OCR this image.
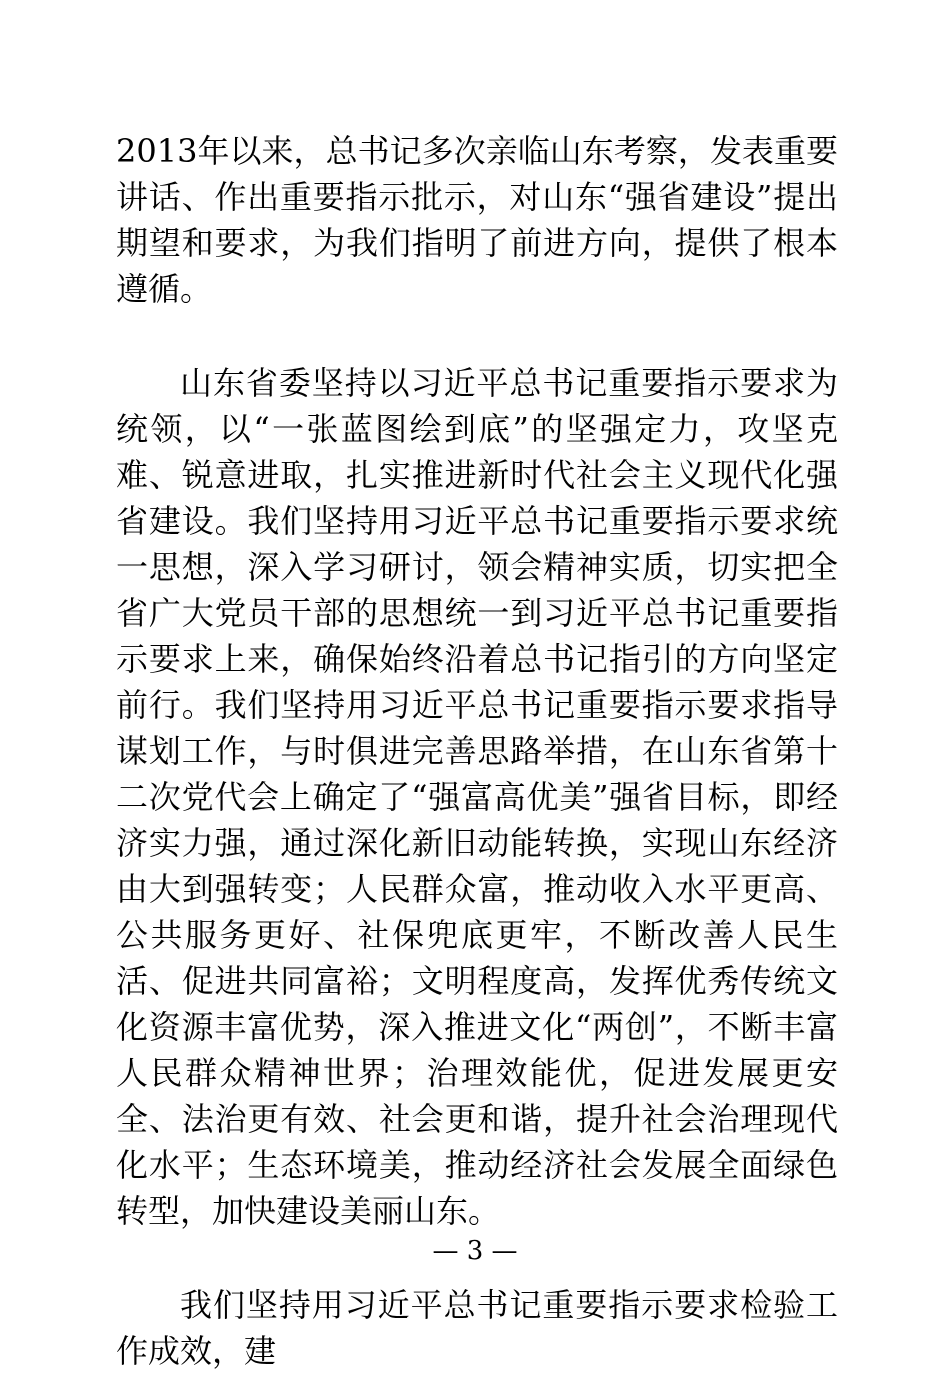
2013年以来，总书记多次亲临山东考察，发表重要讲话、作出重要指示批示，对山东“强省建设”提出期望和要求，为我们指明了前进方向，提供了根本遵循。

山东省委坚持以习近平总书记重要指示要求为统领，以“一张蓝图绘到底”的坚强定力，攻坚克难、锐意进取，扎实推进新时代社会主义现代化强省建设。我们坚持用习近平总书记重要指示要求统一思想，深入学习研讨，领会精神实质，切实把全省广大党员干部的思想统一到习近平总书记重要指示要求上来，确保始终沿着总书记指引的方向坚定前行。我们坚持用习近平总书记重要指示要求指导谋划工作，与时俱进完善思路举措，在山东省第十二次党代会上确定了“强富高优美”强省目标，即经济实力强，通过深化新旧动能转换，实现山东经济由大到强转变；人民群众富，推动收入水平更高、公共服务更好、社保兜底更牢，不断改善人民生活、促进共同富裕；文明程度高，发挥优秀传统文化资源丰富优势，深入推进文化“两创”，不断丰富人民群众精神世界；治理效能优，促进发展更安全、法治更有效、社会更和谐，提升社会治理现代化水平；生态环境美，推动经济社会发展全面绿色转型，加快建设美丽山东。

我们坚持用习近平总书记重要指示要求检验工作成效，建

— 3 —
